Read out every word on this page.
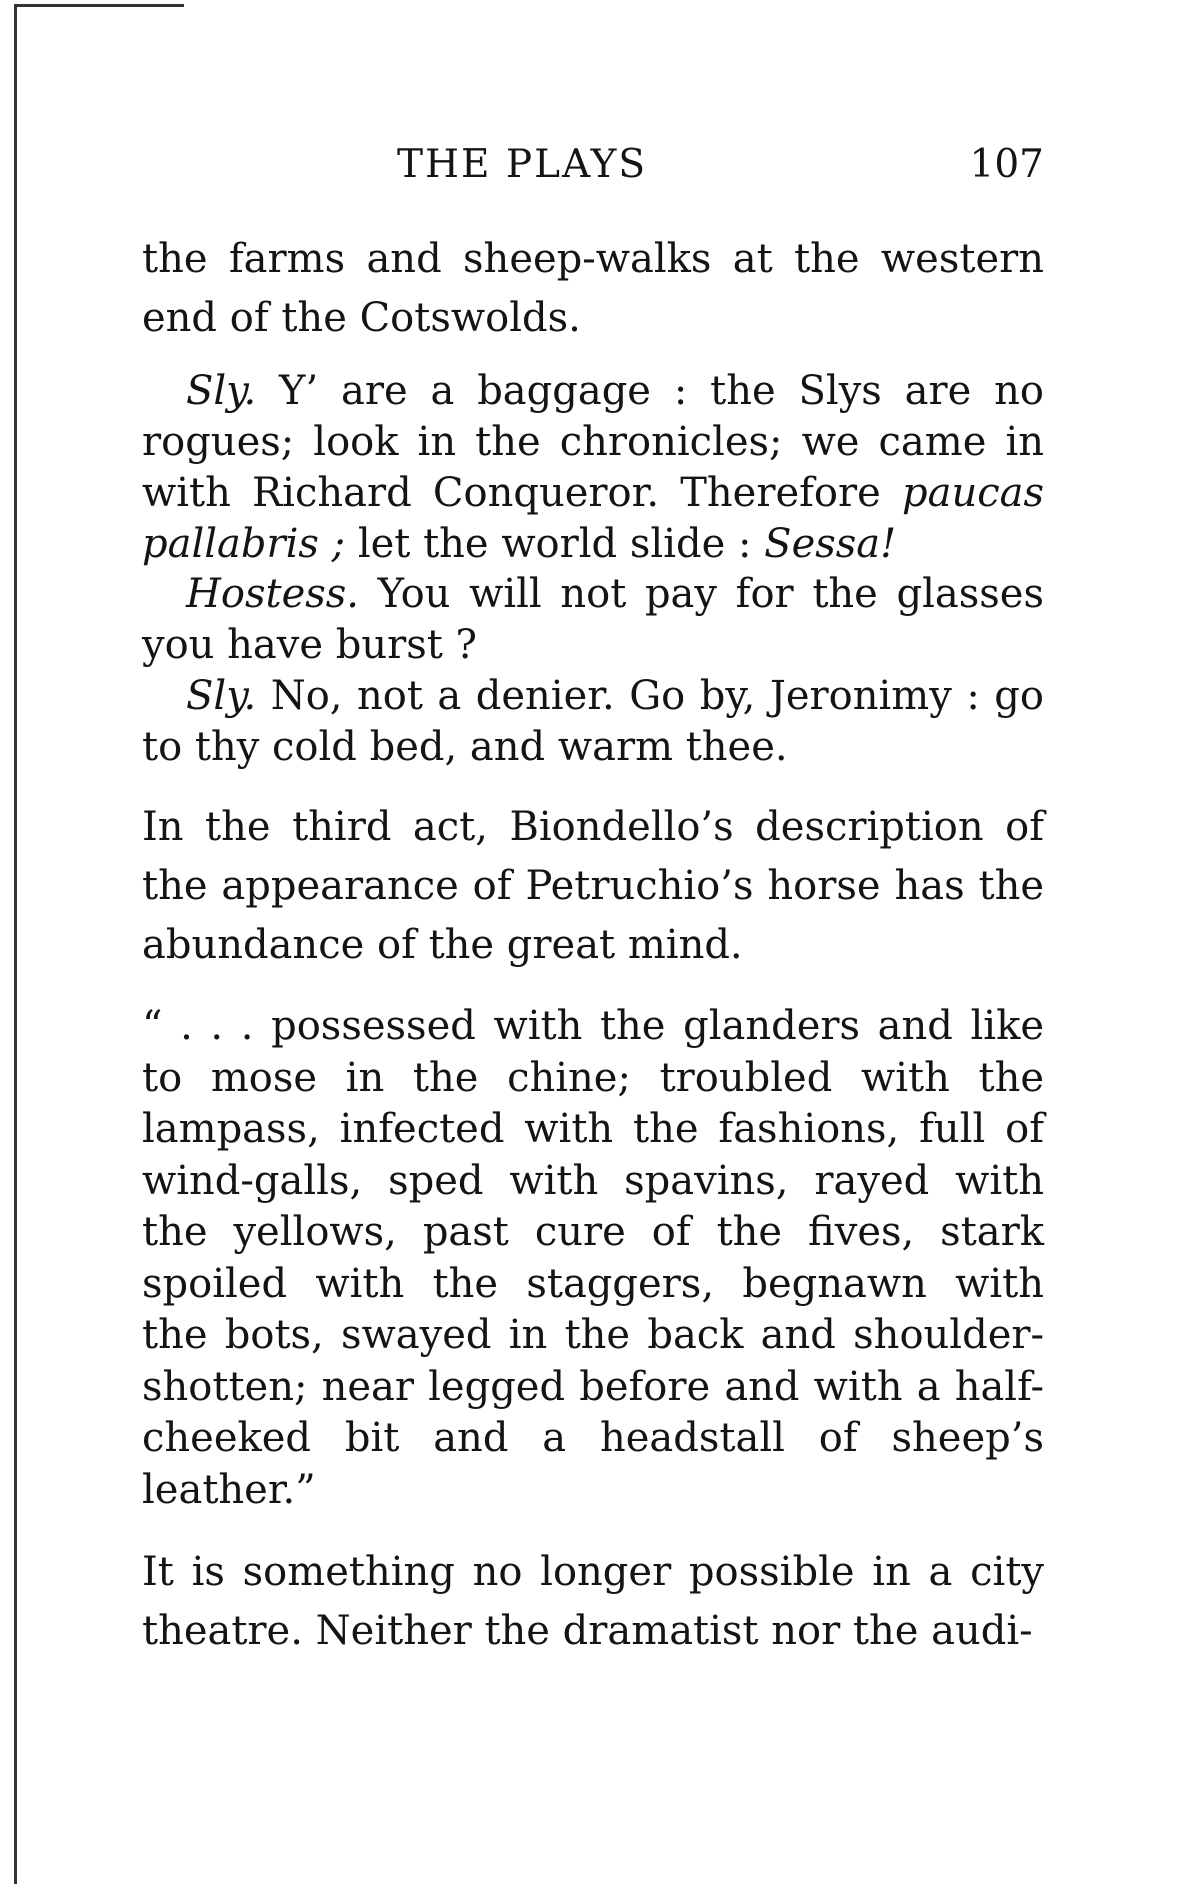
THE PLAYS	107

the farms and sheep-walks at the western end of the Cotswolds.

Sly. Y’ are a baggage : the Slys are no rogues; look in the chronicles; we came in with Richard Conqueror. Therefore paucas pallabris ; let the world slide : Sessa!

Hostess. You will not pay for the glasses you have burst ?

Sly. No, not a denier. Go by, Jeronimy : go to thy cold bed, and warm thee.

In the third act, Biondello’s description of the appearance of Petruchio’s horse has the abundance of the great mind.

“ . . . possessed with the glanders and like to mose in the chine; troubled with the lampass, infected with the fashions, full of wind-galls, sped with spavins, rayed with the yellows, past cure of the fives, stark spoiled with the staggers, begnawn with the bots, swayed in the back and shoulder-shotten; near legged before and with a half-cheeked bit and a headstall of sheep’s leather.”

It is something no longer possible in a city theatre. Neither the dramatist nor the audi-
